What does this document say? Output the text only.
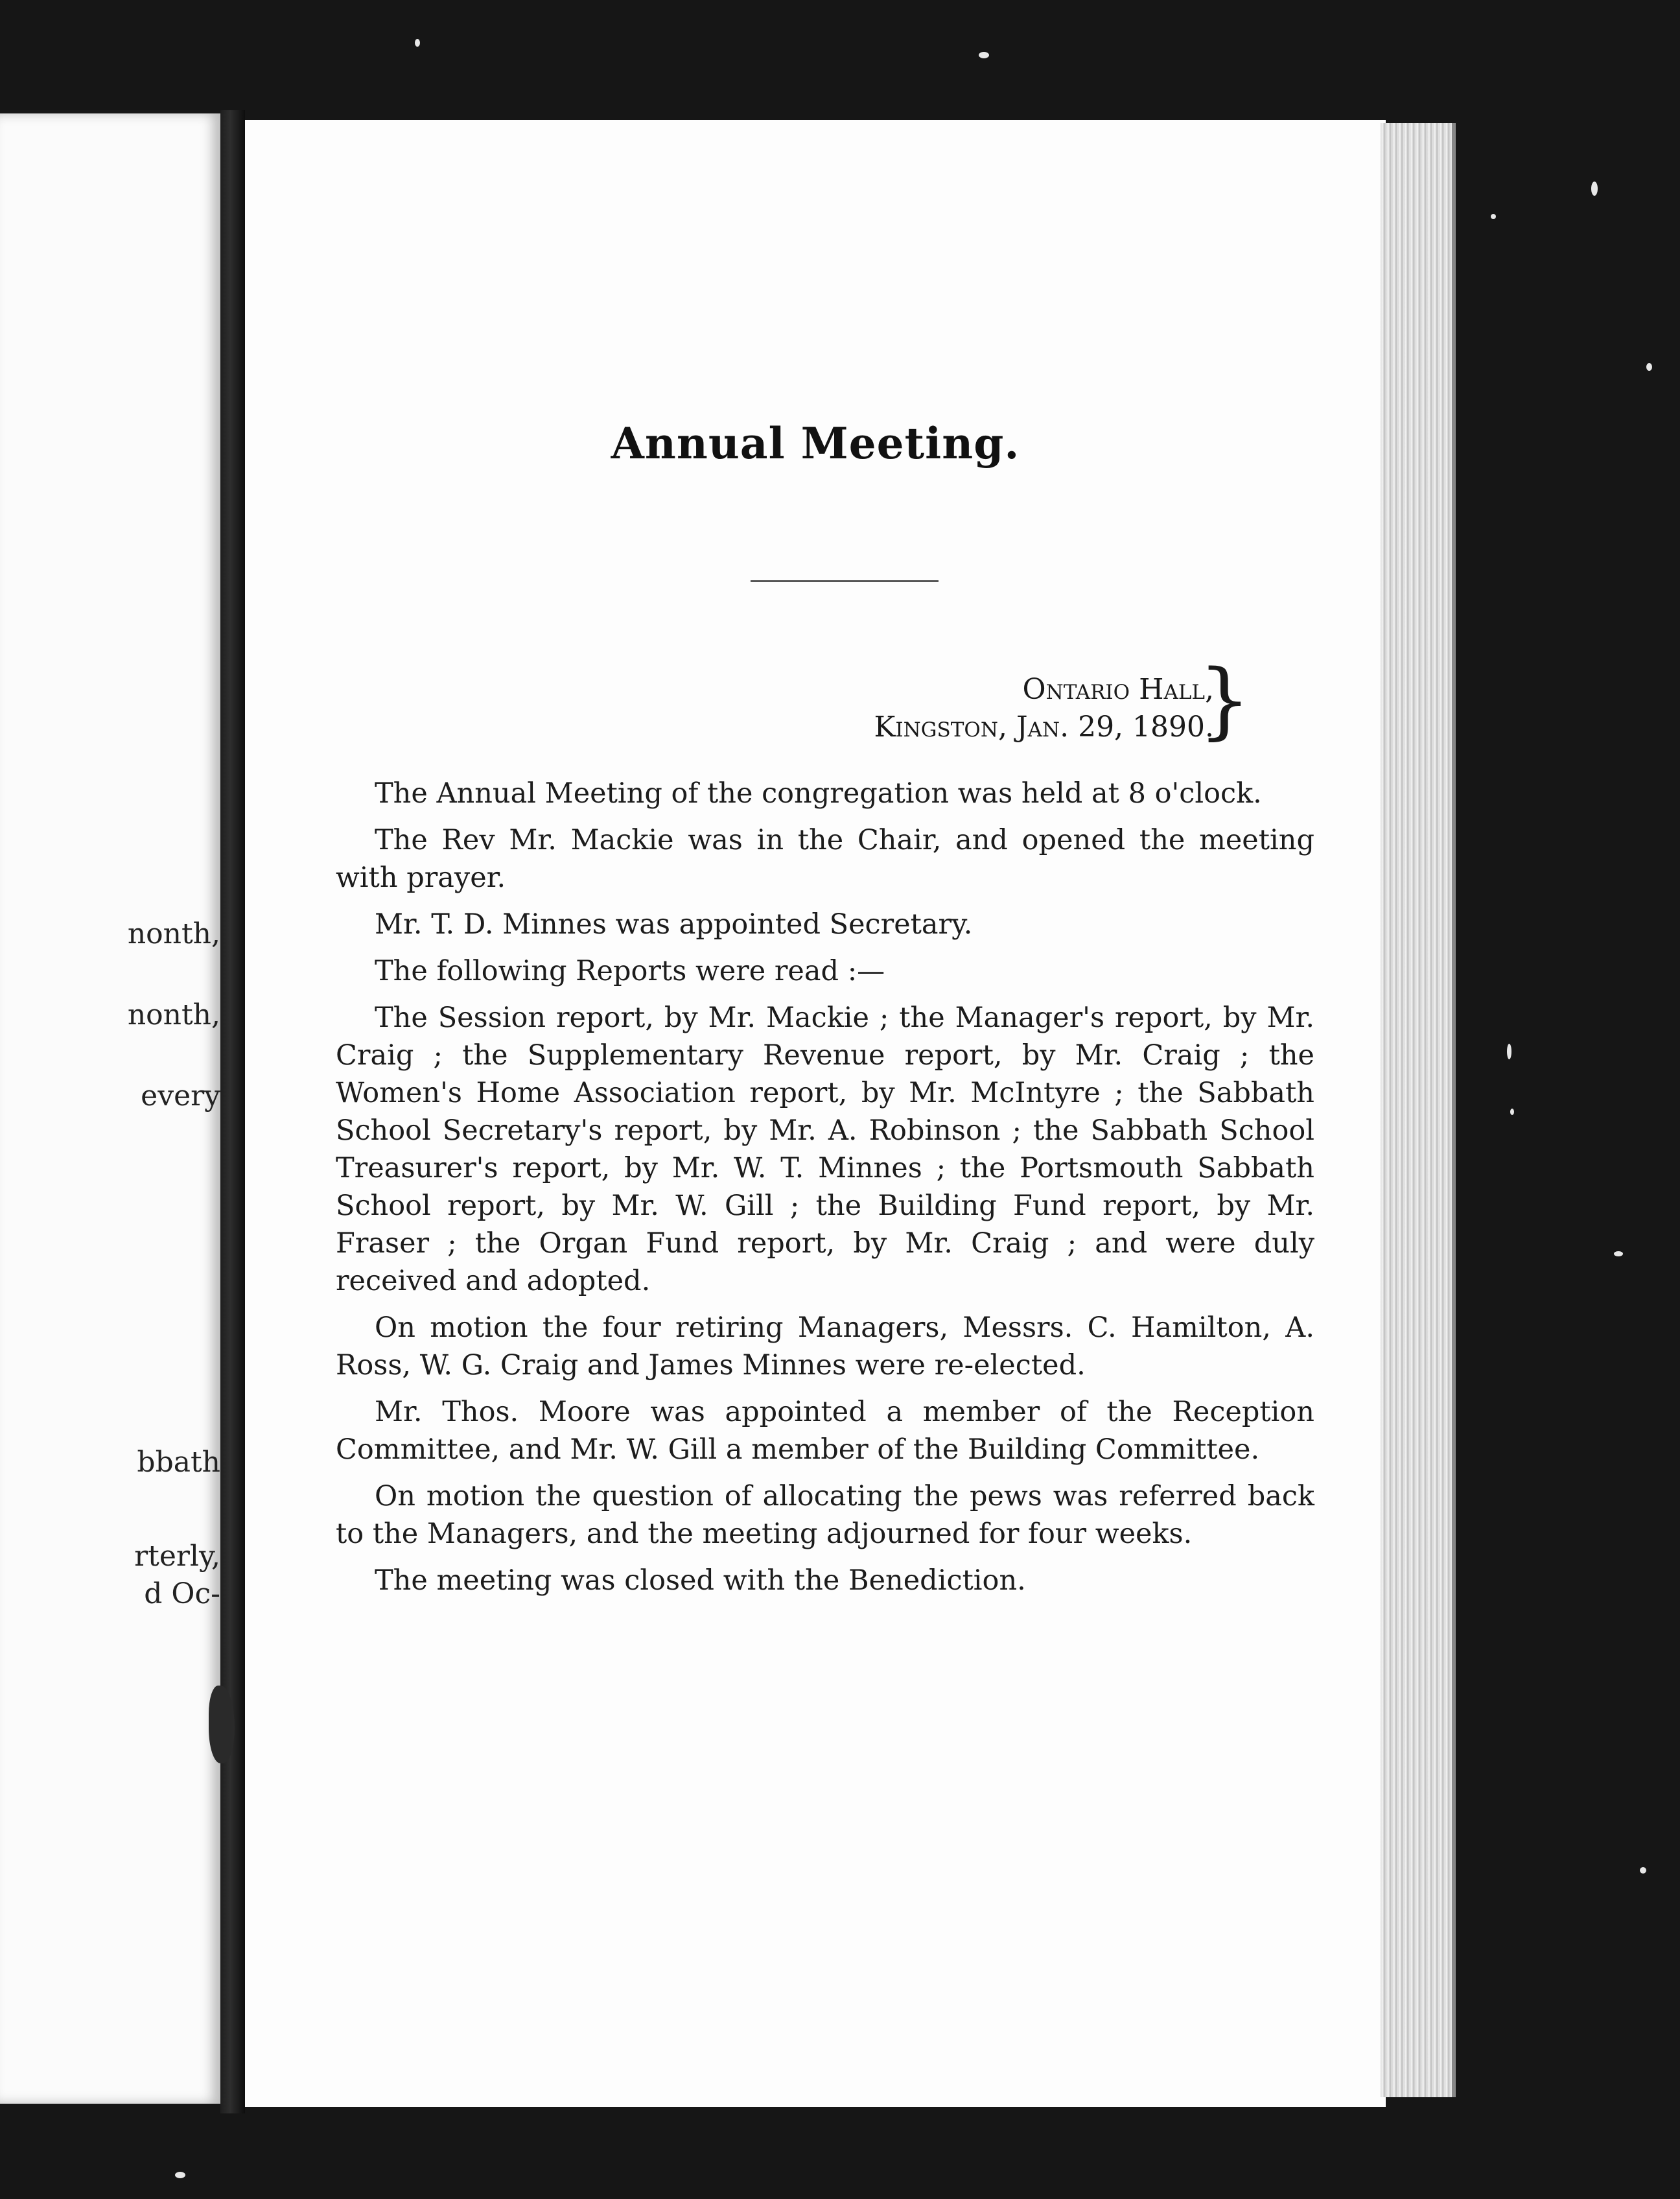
nonth,
nonth,
every
bbath
rterly,
d Oc-
Annual Meeting.
Ontario Hall,
Kingston, Jan. 29, 1890.
}

The Annual Meeting of the congregation was held at 8 o'clock.

The Rev Mr. Mackie was in the Chair, and opened the meeting with prayer.

Mr. T. D. Minnes was appointed Secretary.

The following Reports were read :—

The Session report, by Mr. Mackie ; the Manager's report, by Mr. Craig ; the Supplementary Revenue report, by Mr. Craig ; the Women's Home Association report, by Mr. McIntyre ; the Sabbath School Secretary's report, by Mr. A. Robinson ; the Sabbath School Treasurer's report, by Mr. W. T. Minnes ; the Portsmouth Sabbath School report, by Mr. W. Gill ; the Building Fund report, by Mr. Fraser ; the Organ Fund report, by Mr. Craig ; and were duly received and adopted.

On motion the four retiring Managers, Messrs. C. Hamilton, A. Ross, W. G. Craig and James Minnes were re-elected.

Mr. Thos. Moore was appointed a member of the Reception Committee, and Mr. W. Gill a member of the Building Committee.

On motion the question of allocating the pews was referred back to the Managers, and the meeting adjourned for four weeks.

The meeting was closed with the Benediction.
